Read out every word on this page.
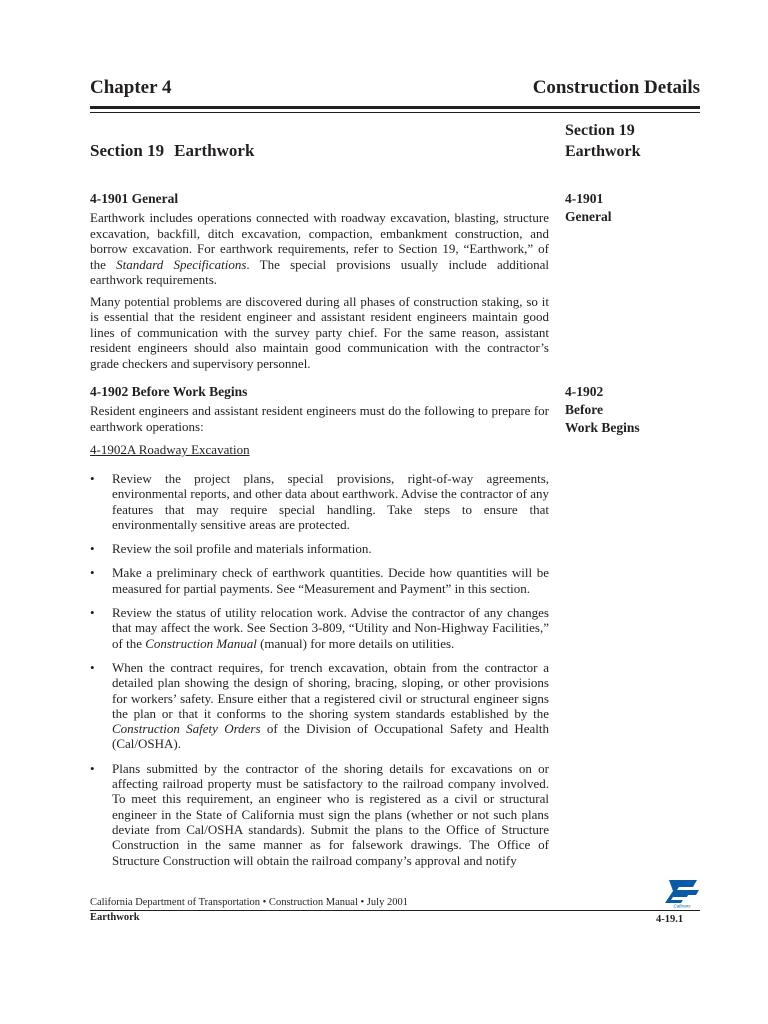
Chapter 4	Construction Details
Section 19 Earthwork
Section 19
Earthwork
4-1901
General
4-1902
Before
Work Begins
4-1901 General

Earthwork includes operations connected with roadway excavation, blasting, structure excavation, backfill, ditch excavation, compaction, embankment construction, and borrow excavation. For earthwork requirements, refer to Section 19, “Earthwork,” of the Standard Specifications. The special provisions usually include additional earthwork requirements.

Many potential problems are discovered during all phases of construction staking, so it is essential that the resident engineer and assistant resident engineers maintain good lines of communication with the survey party chief. For the same reason, assistant resident engineers should also maintain good communication with the contractor’s grade checkers and supervisory personnel.

4-1902 Before Work Begins
Resident engineers and assistant resident engineers must do the following to prepare for earthwork operations:
4-1902A Roadway Excavation
• Review the project plans, special provisions, right-of-way agreements, environmental reports, and other data about earthwork. Advise the contractor of any features that may require special handling. Take steps to ensure that environmentally sensitive areas are protected.
• Review the soil profile and materials information.
• Make a preliminary check of earthwork quantities. Decide how quantities will be measured for partial payments. See “Measurement and Payment” in this section.
• Review the status of utility relocation work. Advise the contractor of any changes that may affect the work. See Section 3-809, “Utility and Non-Highway Facilities,” of the Construction Manual (manual) for more details on utilities.
• When the contract requires, for trench excavation, obtain from the contractor a detailed plan showing the design of shoring, bracing, sloping, or other provisions for workers’ safety. Ensure either that a registered civil or structural engineer signs the plan or that it conforms to the shoring system standards established by the Construction Safety Orders of the Division of Occupational Safety and Health (Cal/OSHA).
• Plans submitted by the contractor of the shoring details for excavations on or affecting railroad property must be satisfactory to the railroad company involved. To meet this requirement, an engineer who is registered as a civil or structural engineer in the State of California must sign the plans (whether or not such plans deviate from Cal/OSHA standards). Submit the plans to the Office of Structure Construction in the same manner as for falsework drawings. The Office of Structure Construction will obtain the railroad company’s approval and notify
Caltrans
California Department of Transportation • Construction Manual • July 2001
Earthwork	4-19.1
